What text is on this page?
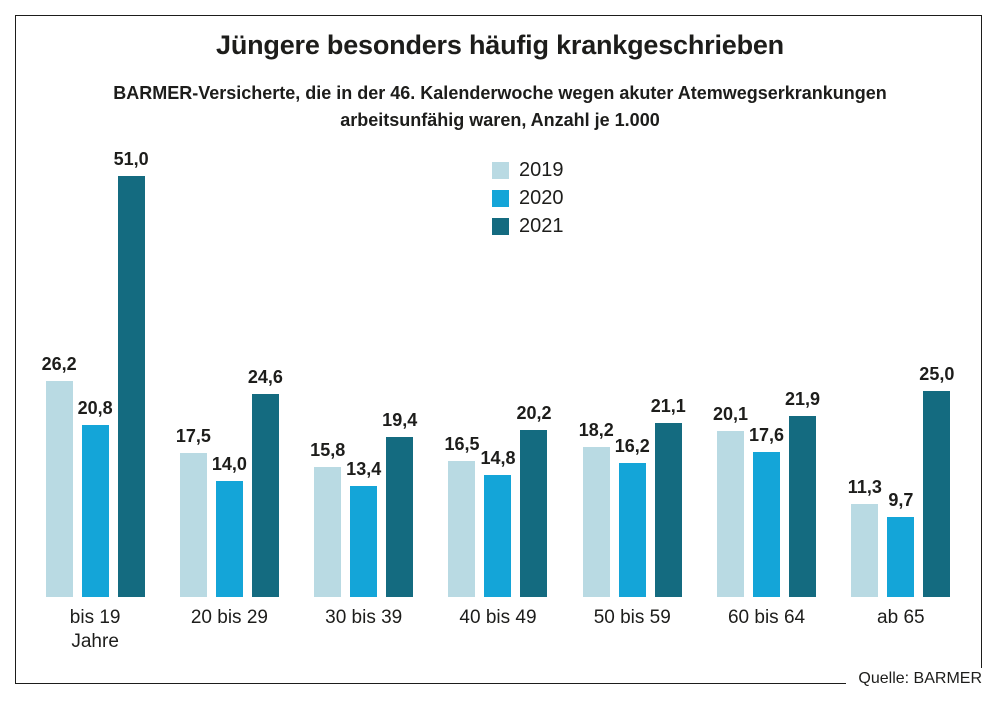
Jüngere besonders häufig krankgeschrieben
BARMER-Versicherte, die in der 46. Kalenderwoche wegen akuter Atemwegserkrankungen
arbeitsunfähig waren, Anzahl je 1.000
2019
2020
2021
26,2
20,8
51,0
bis 19
Jahre
17,5
14,0
24,6
20 bis 29
15,8
13,4
19,4
30 bis 39
16,5
14,8
20,2
40 bis 49
18,2
16,2
21,1
50 bis 59
20,1
17,6
21,9
60 bis 64
11,3
9,7
25,0
ab 65
Quelle: BARMER
